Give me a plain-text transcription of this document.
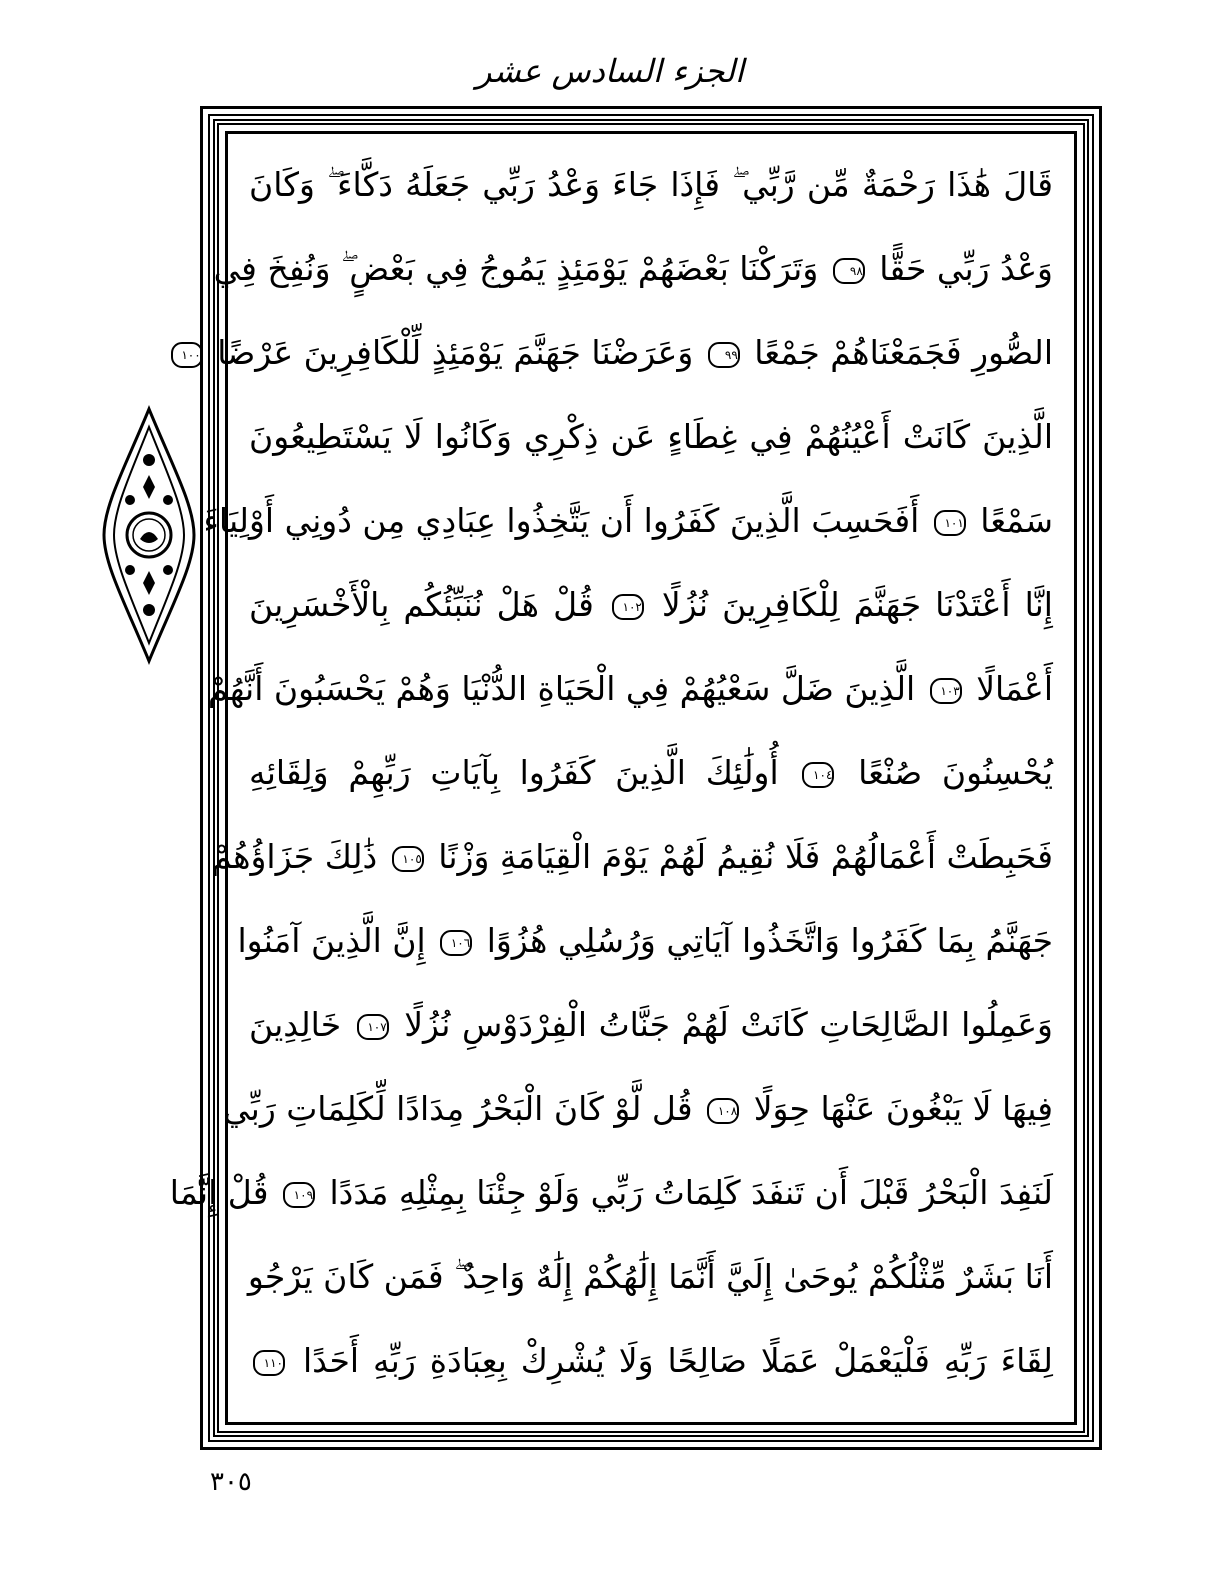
الجزء السادس عشر
قَالَ هَٰذَا رَحْمَةٌ مِّن رَّبِّي ۖ فَإِذَا جَاءَ وَعْدُ رَبِّي جَعَلَهُ دَكَّاءَ ۖ وَكَانَ
وَعْدُ رَبِّي حَقًّا ٩٨ وَتَرَكْنَا بَعْضَهُمْ يَوْمَئِذٍ يَمُوجُ فِي بَعْضٍ ۖ وَنُفِخَ فِي
الصُّورِ فَجَمَعْنَاهُمْ جَمْعًا ٩٩ وَعَرَضْنَا جَهَنَّمَ يَوْمَئِذٍ لِّلْكَافِرِينَ عَرْضًا ١٠٠
الَّذِينَ كَانَتْ أَعْيُنُهُمْ فِي غِطَاءٍ عَن ذِكْرِي وَكَانُوا لَا يَسْتَطِيعُونَ
سَمْعًا ١٠١ أَفَحَسِبَ الَّذِينَ كَفَرُوا أَن يَتَّخِذُوا عِبَادِي مِن دُونِي أَوْلِيَاءَ
إِنَّا أَعْتَدْنَا جَهَنَّمَ لِلْكَافِرِينَ نُزُلًا ١٠٢ قُلْ هَلْ نُنَبِّئُكُم بِالْأَخْسَرِينَ
أَعْمَالًا ١٠٣ الَّذِينَ ضَلَّ سَعْيُهُمْ فِي الْحَيَاةِ الدُّنْيَا وَهُمْ يَحْسَبُونَ أَنَّهُمْ
يُحْسِنُونَ صُنْعًا ١٠٤ أُولَٰئِكَ الَّذِينَ كَفَرُوا بِآيَاتِ رَبِّهِمْ وَلِقَائِهِ
فَحَبِطَتْ أَعْمَالُهُمْ فَلَا نُقِيمُ لَهُمْ يَوْمَ الْقِيَامَةِ وَزْنًا ١٠٥ ذَٰلِكَ جَزَاؤُهُمْ
جَهَنَّمُ بِمَا كَفَرُوا وَاتَّخَذُوا آيَاتِي وَرُسُلِي هُزُوًا ١٠٦ إِنَّ الَّذِينَ آمَنُوا
وَعَمِلُوا الصَّالِحَاتِ كَانَتْ لَهُمْ جَنَّاتُ الْفِرْدَوْسِ نُزُلًا ١٠٧ خَالِدِينَ
فِيهَا لَا يَبْغُونَ عَنْهَا حِوَلًا ١٠٨ قُل لَّوْ كَانَ الْبَحْرُ مِدَادًا لِّكَلِمَاتِ رَبِّي
لَنَفِدَ الْبَحْرُ قَبْلَ أَن تَنفَدَ كَلِمَاتُ رَبِّي وَلَوْ جِئْنَا بِمِثْلِهِ مَدَدًا ١٠٩ قُلْ إِنَّمَا
أَنَا بَشَرٌ مِّثْلُكُمْ يُوحَىٰ إِلَيَّ أَنَّمَا إِلَٰهُكُمْ إِلَٰهٌ وَاحِدٌ ۖ فَمَن كَانَ يَرْجُو
لِقَاءَ رَبِّهِ فَلْيَعْمَلْ عَمَلًا صَالِحًا وَلَا يُشْرِكْ بِعِبَادَةِ رَبِّهِ أَحَدًا ١١٠
٣٠٥
